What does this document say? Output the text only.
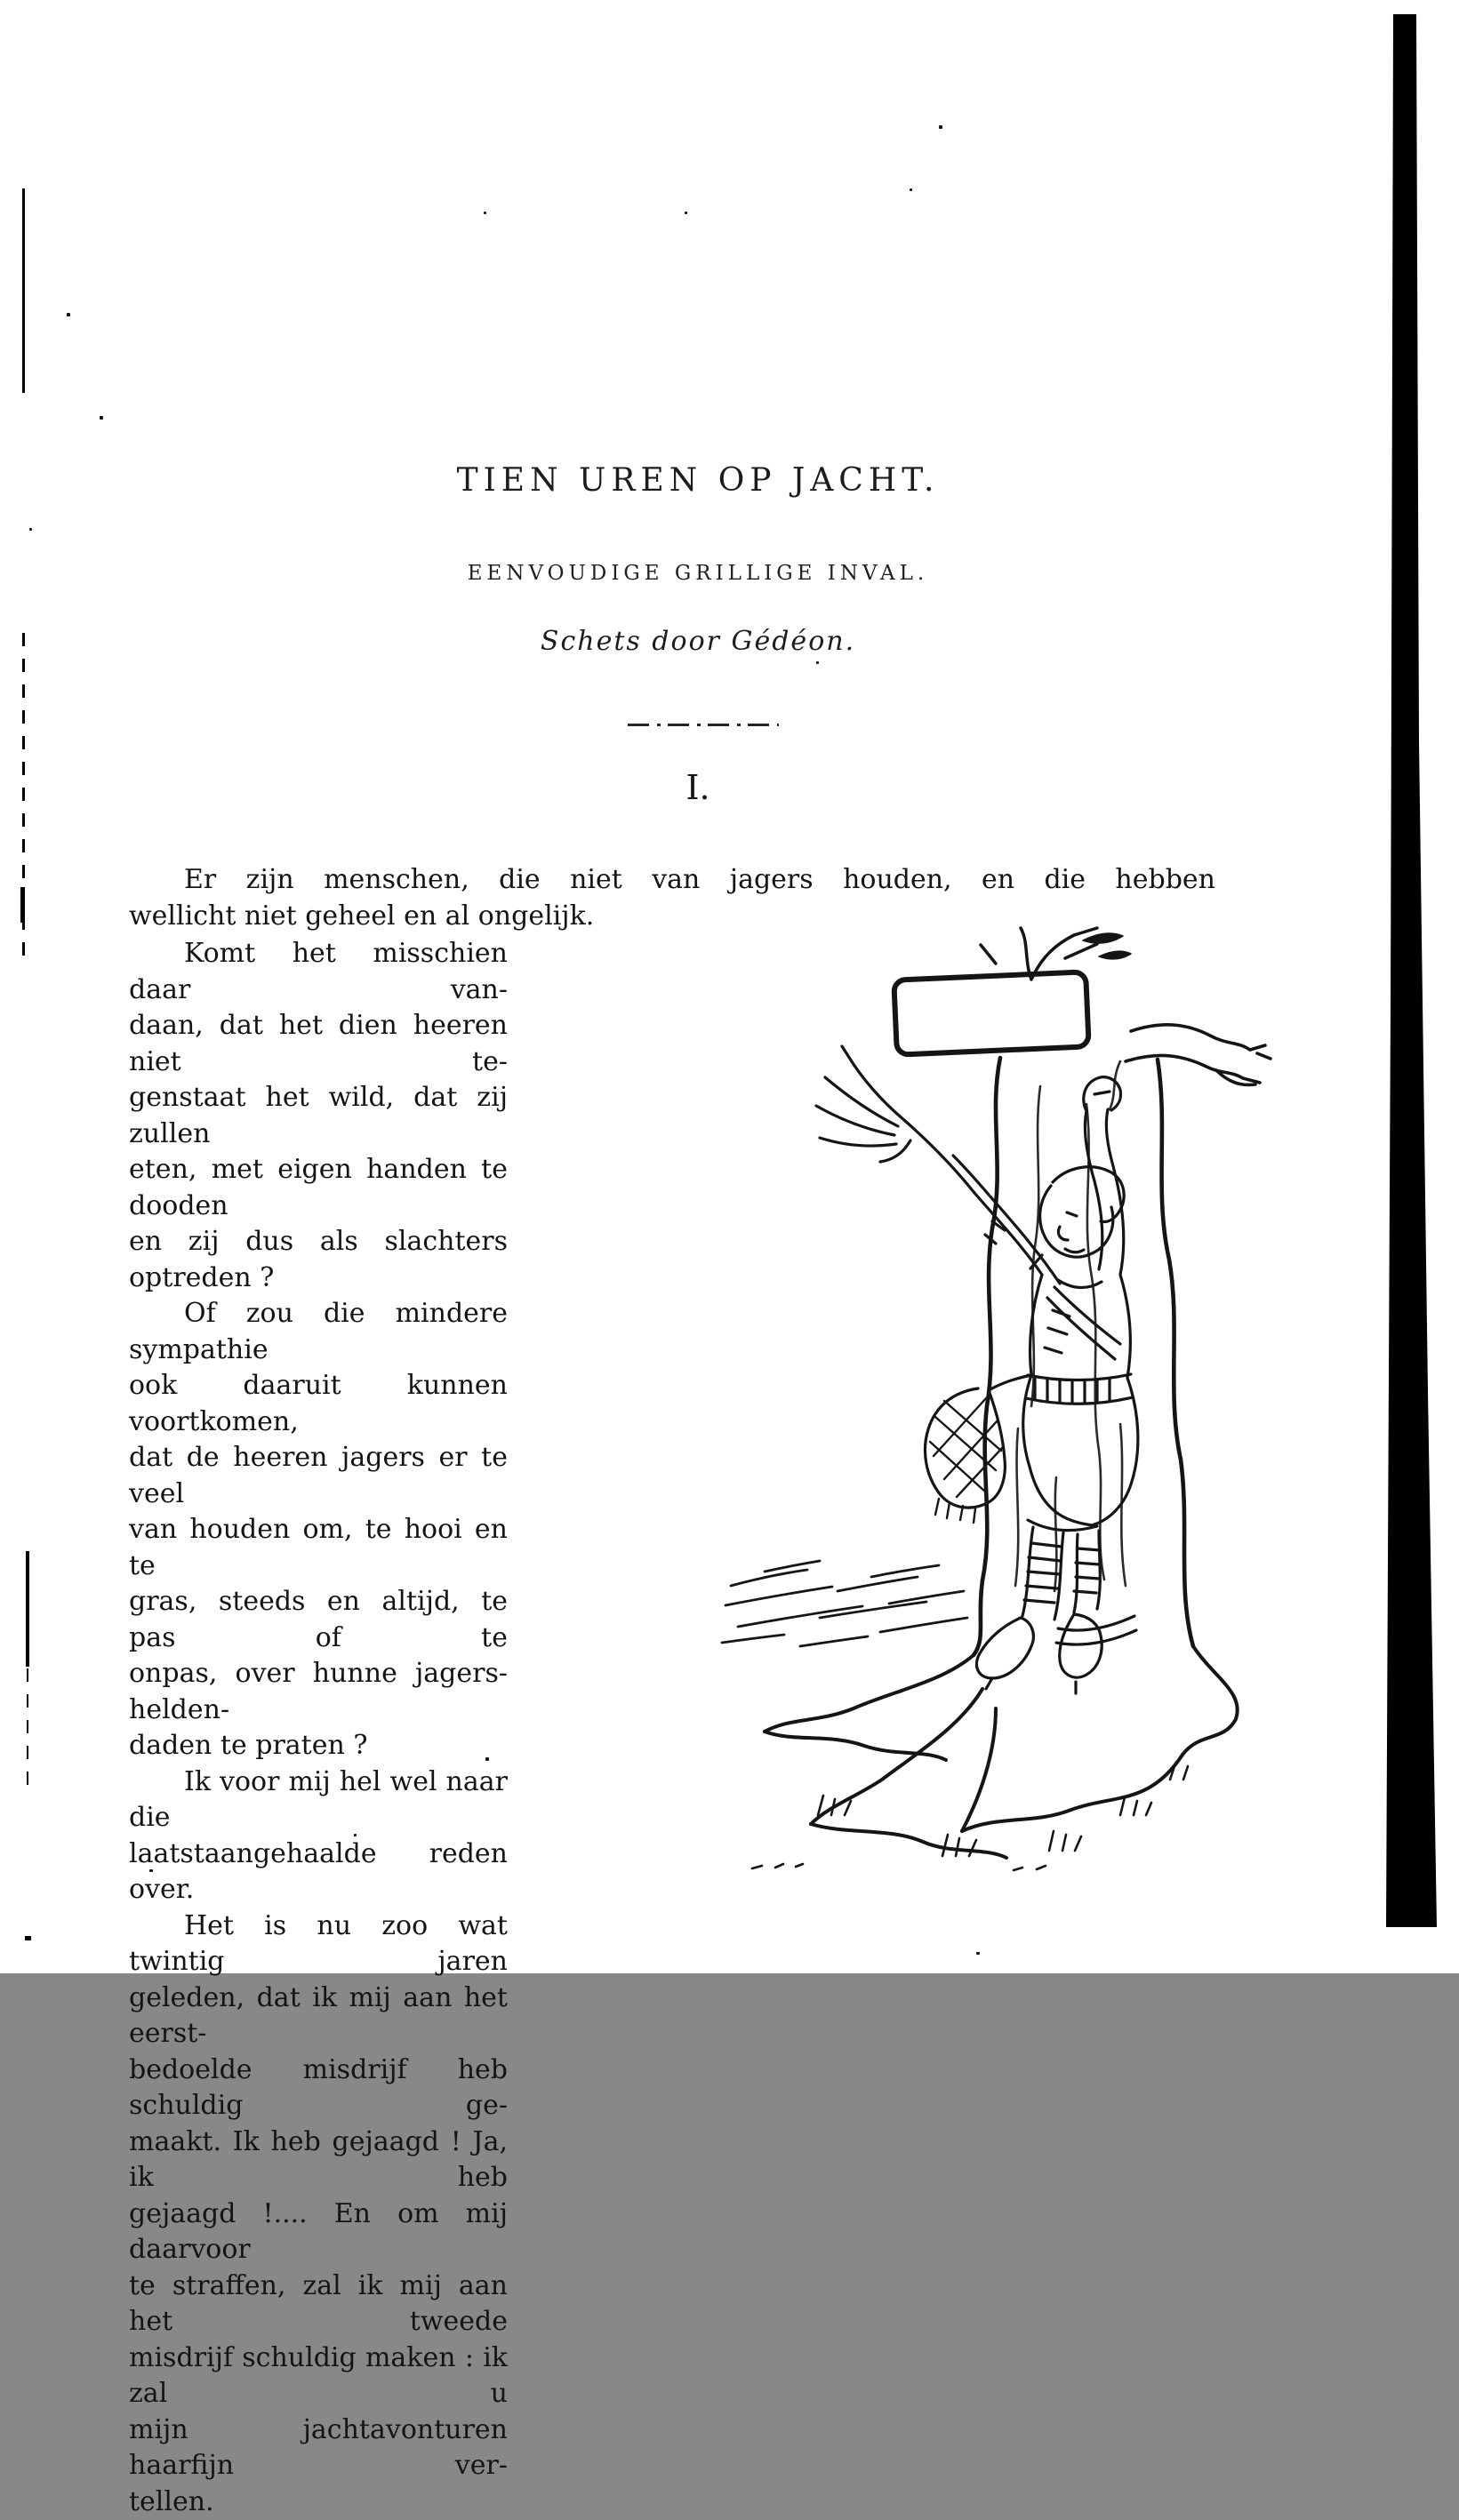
TIEN UREN OP JACHT.
EENVOUDIGE GRILLIGE INVAL.
Schets door Gédéon.
I.
Er zijn menschen, die niet van jagers houden, en die hebben
wellicht niet geheel en al ongelijk.
Komt het misschien daar van-
daan, dat het dien heeren niet te-
genstaat het wild, dat zij zullen
eten, met eigen handen te dooden
en zij dus als slachters optreden ?
Of zou die mindere sympathie
ook daaruit kunnen voortkomen,
dat de heeren jagers er te veel
van houden om, te hooi en te
gras, steeds en altijd, te pas of te
onpas, over hunne jagers-helden-
daden te praten ?
Ik voor mij hel wel naar die
laatstaangehaalde reden over.
Het is nu zoo wat twintig jaren
geleden, dat ik mij aan het eerst-
bedoelde misdrijf heb schuldig ge-
maakt. Ik heb gejaagd ! Ja, ik heb
gejaagd !.... En om mij daarvoor
te straffen, zal ik mij aan het tweede
misdrijf schuldig maken : ik zal u
mijn jachtavonturen haarfijn ver-
tellen.
